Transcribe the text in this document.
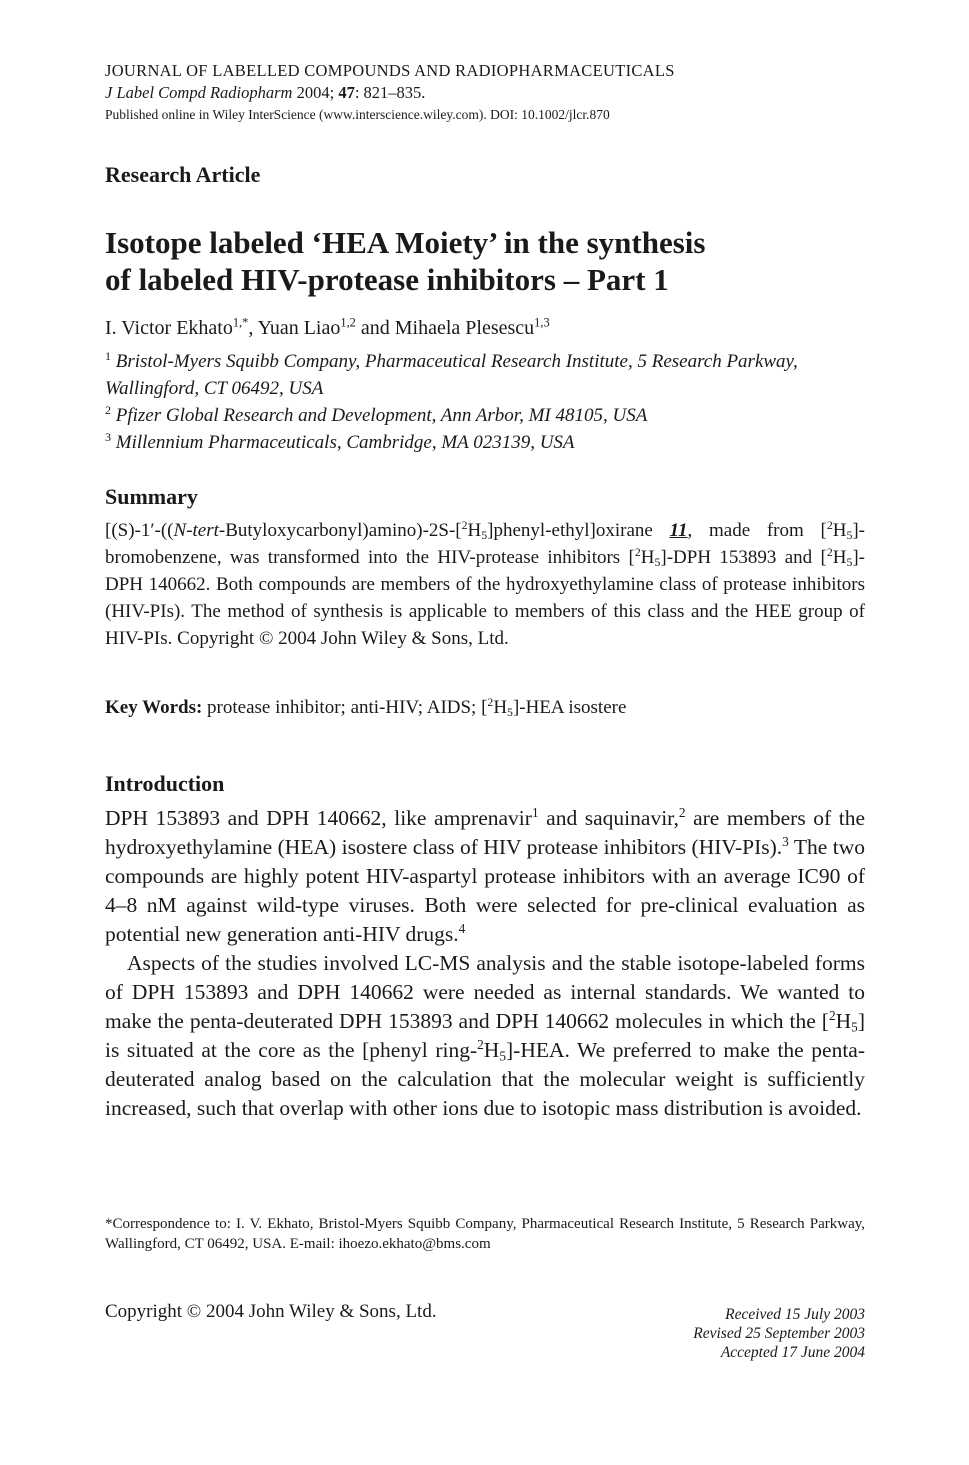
JOURNAL OF LABELLED COMPOUNDS AND RADIOPHARMACEUTICALS
J Label Compd Radiopharm 2004; 47: 821–835.
Published online in Wiley InterScience (www.interscience.wiley.com). DOI: 10.1002/jlcr.870
Research Article
Isotope labeled ‘HEA Moiety’ in the synthesis
of labeled HIV-protease inhibitors – Part 1
I. Victor Ekhato$^{1,*}$, Yuan Liao$^{1,2}$ and Mihaela Plesescu$^{1,3}$
$^1$ Bristol-Myers Squibb Company, Pharmaceutical Research Institute, 5 Research Parkway, Wallingford, CT 06492, USA
$^2$ Pfizer Global Research and Development, Ann Arbor, MI 48105, USA
$^3$ Millennium Pharmaceuticals, Cambridge, MA 023139, USA
Summary
$[(S)-1'-((N-tert-Butyloxycarbonyl)amino)-2S-[^2H_5]phenyl-ethyl]oxirane$ 11, made from $[^2H_5]$-bromobenzene, was transformed into the HIV-protease inhibitors $[^2H_5]$-DPH 153893 and $[^2H_5]$-DPH 140662. Both compounds are members of the hydroxyethylamine class of protease inhibitors (HIV-PIs). The method of synthesis is applicable to members of this class and the HEE group of HIV-PIs. Copyright © 2004 John Wiley & Sons, Ltd.
Key Words: protease inhibitor; anti-HIV; AIDS; $[^2H_5]$-HEA isostere
Introduction

DPH 153893 and DPH 140662, like amprenavir$^1$ and saquinavir,$^2$ are members of the hydroxyethylamine (HEA) isostere class of HIV protease inhibitors (HIV-PIs).$^3$ The two compounds are highly potent HIV-aspartyl protease inhibitors with an average IC90 of 4–8 nM against wild-type viruses. Both were selected for pre-clinical evaluation as potential new generation anti-HIV drugs.$^4$

Aspects of the studies involved LC-MS analysis and the stable isotope-labeled forms of DPH 153893 and DPH 140662 were needed as internal standards. We wanted to make the penta-deuterated DPH 153893 and DPH 140662 molecules in which the $[^2H_5]$ is situated at the core as the [phenyl ring-$^2H_5$]-HEA. We preferred to make the penta-deuterated analog based on the calculation that the molecular weight is sufficiently increased, such that overlap with other ions due to isotopic mass distribution is avoided.

*Correspondence to: I. V. Ekhato, Bristol-Myers Squibb Company, Pharmaceutical Research Institute, 5 Research Parkway, Wallingford, CT 06492, USA. E-mail: ihoezo.ekhato@bms.com
Copyright © 2004 John Wiley & Sons, Ltd.	Received 15 July 2003
Revised 25 September 2003
Accepted 17 June 2004
